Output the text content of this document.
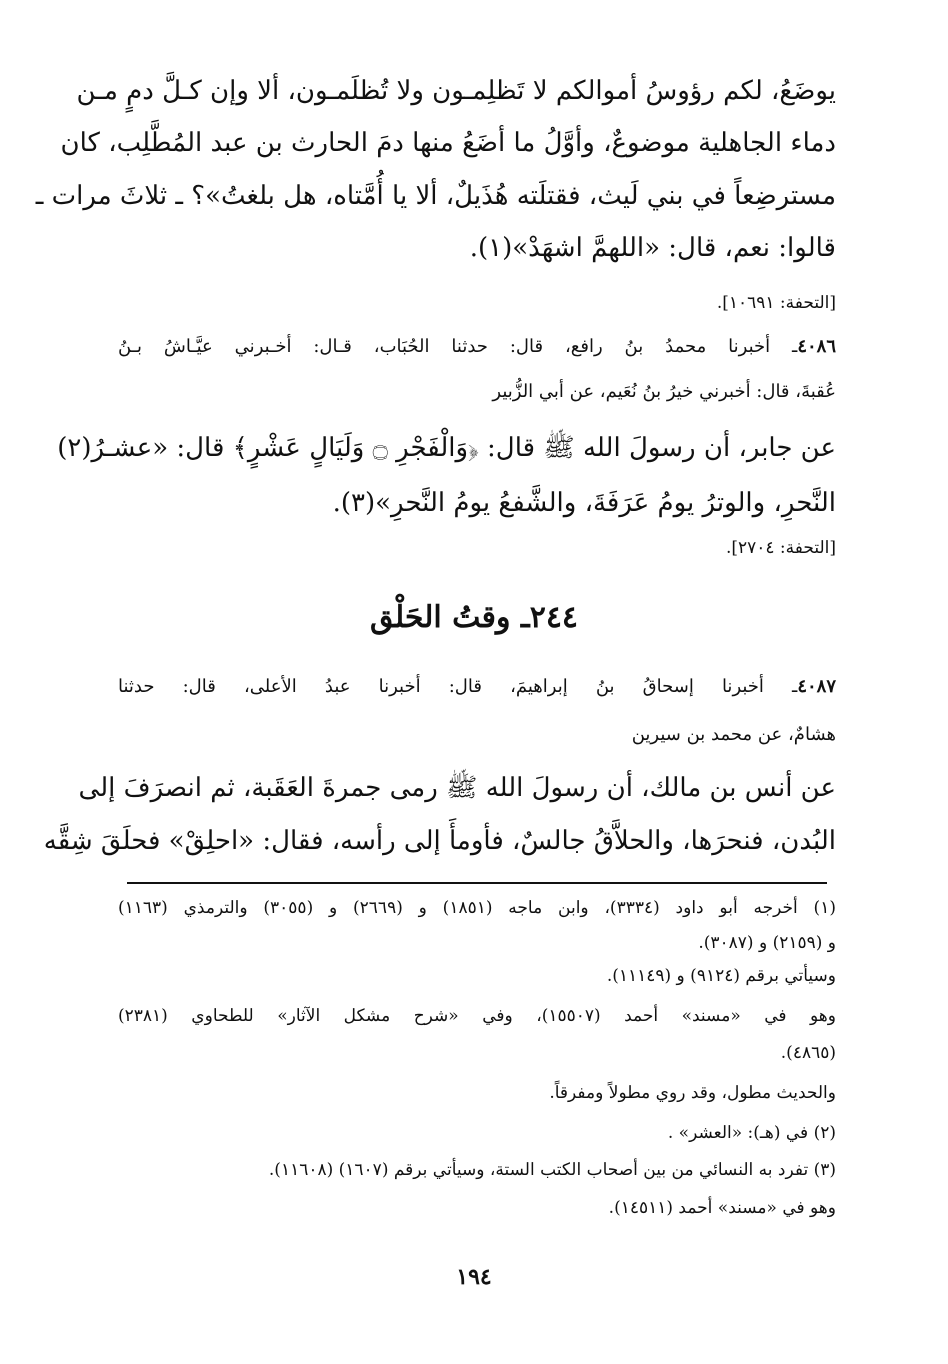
يوضَعُ، لكم رؤوسُ أموالكم لا تَظلِمـون ولا تُظلَمـون، ألا وإن كـلَّ دمٍ مـن
دماء الجاهلية موضوعٌ، وأوَّلُ ما أضَعُ منها دمَ الحارث بن عبد المُطَّلِب، كان
مسترضِعاً في بني لَيث، فقتلَته هُذَيلٌ، ألا يا أُمَّتاه، هل بلغتُ»؟ ـ ثلاثَ مرات ـ
قالوا: نعم، قال: «اللهمَّ اشهَدْ»(١).
[التحفة: ١٠٦٩١].
٤٠٨٦ـ أخبرنا محمدُ بنُ رافع، قال: حدثنا الحُبَاب، قـال: أخـبرني عيَّـاشُ بـنُ
عُقبةَ، قال: أخبرني خيرُ بنُ نُعَيم، عن أبي الزُّبير
عن جابر، أن رسولَ الله ﷺ قال: ﴿وَالْفَجْرِ ۝ وَلَيَالٍ عَشْرٍ﴾ قال: «عشـرُ(٢)
النَّحرِ، والوترُ يومُ عَرَفَةَ، والشَّفعُ يومُ النَّحرِ»(٣).
[التحفة: ٢٧٠٤].
٢٤٤ـ وقتُ الحَلْق
٤٠٨٧ـ أخبرنا إسحاقُ بنُ إبراهيمَ، قال: أخبرنا عبدُ الأعلى، قال: حدثنا
هشامٌ، عن محمد بن سيرين
عن أنس بن مالك، أن رسولَ الله ﷺ رمى جمرةَ العَقَبة، ثم انصرَفَ إلى
البُدن، فنحرَها، والحلاَّقُ جالسٌ، فأومأَ إلى رأسه، فقال: «احلِقْ» فحلَقَ شِقَّه
(١) أخرجه أبو داود (٣٣٣٤)، وابن ماجه (١٨٥١) و (٢٦٦٩) و (٣٠٥٥) والترمذي (١١٦٣)
و (٢١٥٩) و (٣٠٨٧).
وسيأتي برقم (٩١٢٤) و (١١١٤٩).
وهو في «مسند» أحمد (١٥٥٠٧)، وفي «شرح مشكل الآثار» للطحاوي (٢٣٨١)
(٤٨٦٥).
والحديث مطول، وقد روي مطولاً ومفرقاً.
(٢) في (هـ): «العشر» .
(٣) تفرد به النسائي من بين أصحاب الكتب الستة، وسيأتي برقم (١٦٠٧) (١١٦٠٨).
وهو في «مسند» أحمد (١٤٥١١).
١٩٤
